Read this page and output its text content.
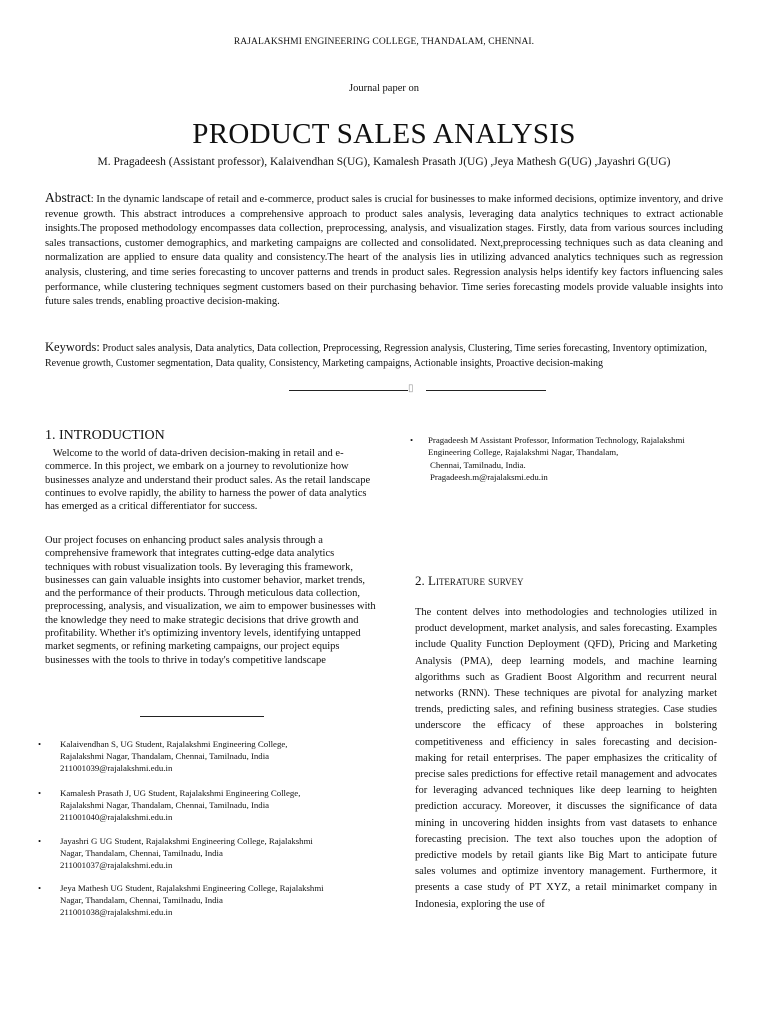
RAJALAKSHMI ENGINEERING COLLEGE, THANDALAM, CHENNAI.
Journal paper on
PRODUCT SALES ANALYSIS
M. Pragadeesh (Assistant professor), Kalaivendhan S(UG), Kamalesh Prasath J(UG) ,Jeya Mathesh G(UG) ,Jayashri G(UG)
Abstract: In the dynamic landscape of retail and e-commerce, product sales is crucial for businesses to make informed decisions, optimize inventory, and drive revenue growth. This abstract introduces a comprehensive approach to product sales analysis, leveraging data analytics techniques to extract actionable insights.The proposed methodology encompasses data collection, preprocessing, analysis, and visualization stages. Firstly, data from various sources including sales transactions, customer demographics, and marketing campaigns are collected and consolidated. Next,preprocessing techniques such as data cleaning and normalization are applied to ensure data quality and consistency.The heart of the analysis lies in utilizing advanced analytics techniques such as regression analysis, clustering, and time series forecasting to uncover patterns and trends in product sales. Regression analysis helps identify key factors influencing sales performance, while clustering techniques segment customers based on their purchasing behavior. Time series forecasting models provide valuable insights into future sales trends, enabling proactive decision-making.
Keywords: Product sales analysis, Data analytics, Data collection, Preprocessing, Regression analysis, Clustering, Time series forecasting, Inventory optimization, Revenue growth, Customer segmentation, Data quality, Consistency, Marketing campaigns, Actionable insights, Proactive decision-making
▯
1. INTRODUCTION
Welcome to the world of data-driven decision-making in retail and e-commerce. In this project, we embark on a journey to revolutionize how businesses analyze and understand their product sales. As the retail landscape continues to evolve rapidly, the ability to harness the power of data analytics has emerged as a critical differentiator for success.
Our project focuses on enhancing product sales analysis through a comprehensive framework that integrates cutting-edge data analytics techniques with robust visualization tools. By leveraging this framework, businesses can gain valuable insights into customer behavior, market trends, and the performance of their products. Through meticulous data collection, preprocessing, analysis, and visualization, we aim to empower businesses with the knowledge they need to make strategic decisions that drive growth and profitability. Whether it's optimizing inventory levels, identifying untapped market segments, or refining marketing campaigns, our project equips businesses with the tools to thrive in today's competitive landscape
• Kalaivendhan S, UG Student, Rajalakshmi Engineering College,
Rajalakshmi Nagar, Thandalam, Chennai, Tamilnadu, India
211001039@rajalakshmi.edu.in
• Kamalesh Prasath J, UG Student, Rajalakshmi Engineering College,
Rajalakshmi Nagar, Thandalam, Chennai, Tamilnadu, India
211001040@rajalakshmi.edu.in
• Jayashri G UG Student, Rajalakshmi Engineering College, Rajalakshmi
Nagar, Thandalam, Chennai, Tamilnadu, India
211001037@rajalakshmi.edu.in
• Jeya Mathesh UG Student, Rajalakshmi Engineering College, Rajalakshmi
Nagar, Thandalam, Chennai, Tamilnadu, India
211001038@rajalakshmi.edu.in
• Pragadeesh M Assistant Professor, Information Technology, Rajalakshmi
Engineering College, Rajalakshmi Nagar, Thandalam,
Chennai, Tamilnadu, India.
Pragadeesh.m@rajalaksmi.edu.in
2. Literature survey
The content delves into methodologies and technologies utilized in product development, market analysis, and sales forecasting. Examples include Quality Function Deployment (QFD), Pricing and Marketing Analysis (PMA), deep learning models, and machine learning algorithms such as Gradient Boost Algorithm and recurrent neural networks (RNN). These techniques are pivotal for analyzing market trends, predicting sales, and refining business strategies. Case studies underscore the efficacy of these approaches in bolstering competitiveness and efficiency in sales forecasting and decision-making for retail enterprises. The paper emphasizes the criticality of precise sales predictions for effective retail management and advocates for leveraging advanced techniques like deep learning to heighten prediction accuracy. Moreover, it discusses the significance of data mining in uncovering hidden insights from vast datasets to enhance forecasting precision. The text also touches upon the adoption of predictive models by retail giants like Big Mart to anticipate future sales volumes and optimize inventory management. Furthermore, it presents a case study of PT XYZ, a retail minimarket company in Indonesia, exploring the use of
